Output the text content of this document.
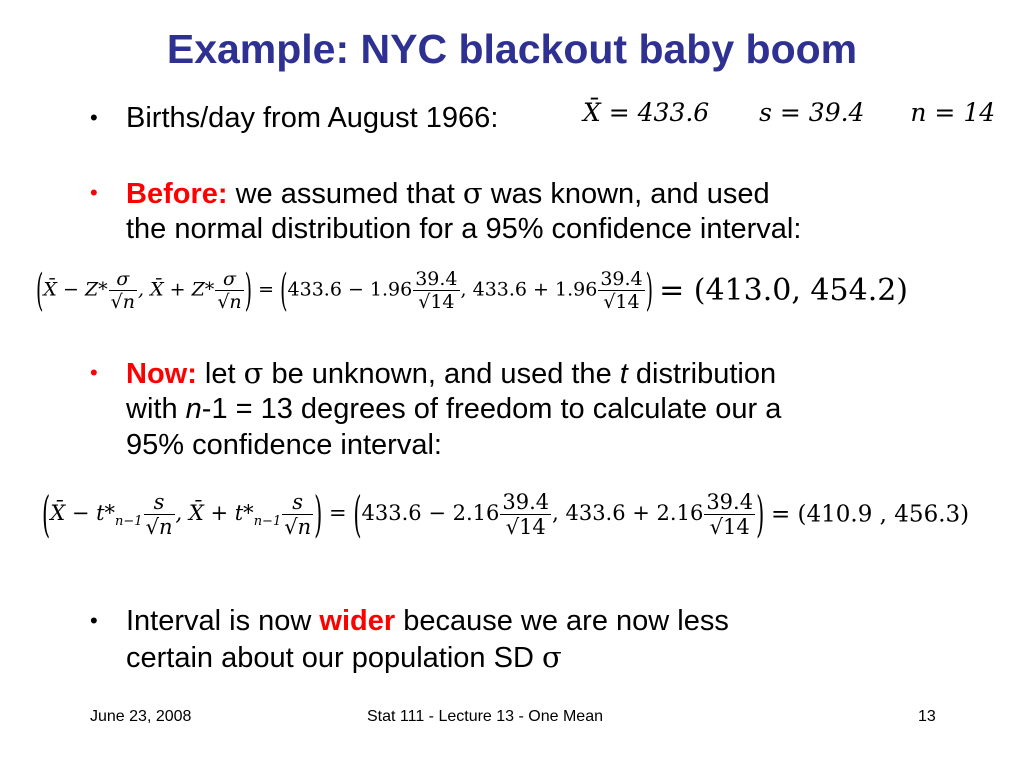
Example: NYC blackout baby boom
• Births/day from August 1966:	X̄ = 433.6 s = 39.4 n = 14
• Before: we assumed that σ was known, and used
the normal distribution for a 95% confidence interval:
(X̄ − $Z* \frac{\sigma}{√n}$ , X̄ + $Z* \frac{\sigma}{√n}$ ) = ($433.6 - 1.96 \frac{39.4}{√14}$ , $433.6 + 1.96 \frac{39.4}{√14}$ ) = (413.0, 454.2)
• Now: let σ be unknown, and used the t distribution
with n-1 = 13 degrees of freedom to calculate our a
95% confidence interval:
(X̄ − $t*_{n-1} \frac{s}{√n}$ , X̄ + $t*_{n-1} \frac{s}{√n}$ ) = ($433.6 - 2.16 \frac{39.4}{√14}$ , $433.6 + 2.16 \frac{39.4}{√14}$ ) = (410.9 , 456.3)
• Interval is now wider because we are now less
certain about our population SD σ
June 23, 2008	Stat 111 - Lecture 13 - One Mean	13
